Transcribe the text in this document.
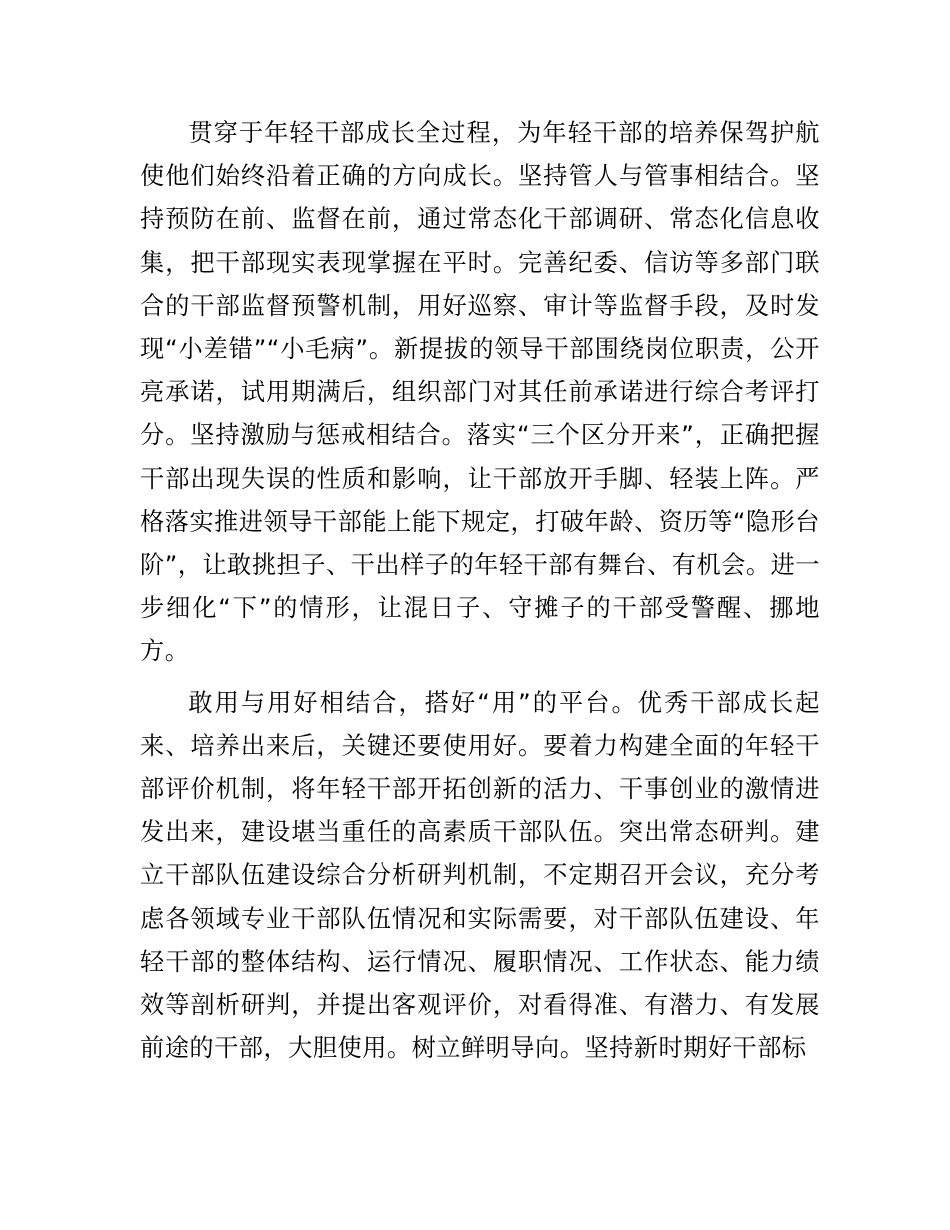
贯穿于年轻干部成长全过程，为年轻干部的培养保驾护航使他们始终沿着正确的方向成长。坚持管人与管事相结合。坚持预防在前、监督在前，通过常态化干部调研、常态化信息收集，把干部现实表现掌握在平时。完善纪委、信访等多部门联合的干部监督预警机制，用好巡察、审计等监督手段，及时发现“小差错”“小毛病”。新提拔的领导干部围绕岗位职责，公开亮承诺，试用期满后，组织部门对其任前承诺进行综合考评打分。坚持激励与惩戒相结合。落实“三个区分开来”，正确把握干部出现失误的性质和影响，让干部放开手脚、轻装上阵。严格落实推进领导干部能上能下规定，打破年龄、资历等“隐形台阶”，让敢挑担子、干出样子的年轻干部有舞台、有机会。进一步细化“下”的情形，让混日子、守摊子的干部受警醒、挪地方。

敢用与用好相结合，搭好“用”的平台。优秀干部成长起来、培养出来后，关键还要使用好。要着力构建全面的年轻干部评价机制，将年轻干部开拓创新的活力、干事创业的激情进发出来，建设堪当重任的高素质干部队伍。突出常态研判。建立干部队伍建设综合分析研判机制，不定期召开会议，充分考虑各领域专业干部队伍情况和实际需要，对干部队伍建设、年轻干部的整体结构、运行情况、履职情况、工作状态、能力绩效等剖析研判，并提出客观评价，对看得准、有潜力、有发展前途的干部，大胆使用。树立鲜明导向。坚持新时期好干部标
